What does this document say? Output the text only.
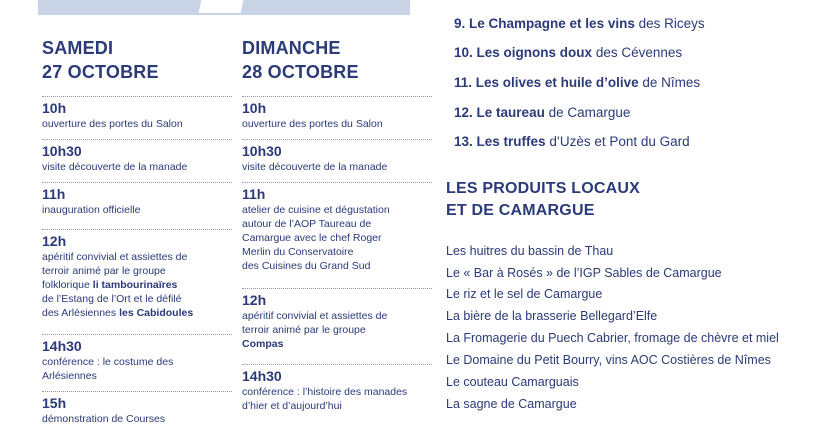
SAMEDI
27 OCTOBRE
10h
ouverture des portes du Salon
10h30
visite découverte de la manade
11h
inauguration officielle
12h
apéritif convivial et assiettes de
terroir animé par le groupe
folklorique li tambourinaïres
de l’Estang de l’Ort et le défilé
des Arlésiennes les Cabidoules
14h30
conférence : le costume des
Arlésiennes
15h
démonstration de Courses
DIMANCHE
28 OCTOBRE
10h
ouverture des portes du Salon
10h30
visite découverte de la manade
11h
atelier de cuisine et dégustation
autour de l’AOP Taureau de
Camargue avec le chef Roger
Merlin du Conservatoire
des Cuisines du Grand Sud
12h
apéritif convivial et assiettes de
terroir animé par le groupe
Compas
14h30
conférence : l’histoire des manades
d’hier et d’aujourd’hui
9. Le Champagne et les vins des Riceys
10. Les oignons doux des Cévennes
11. Les olives et huile d’olive de Nîmes
12. Le taureau de Camargue
13. Les truffes d’Uzès et Pont du Gard
LES PRODUITS LOCAUX
ET DE CAMARGUE
Les huitres du bassin de Thau
Le « Bar à Rosés » de l’IGP Sables de Camargue
Le riz et le sel de Camargue
La bière de la brasserie Bellegard’Elfe
La Fromagerie du Puech Cabrier, fromage de chèvre et miel
Le Domaine du Petit Bourry, vins AOC Costières de Nîmes
Le couteau Camarguais
La sagne de Camargue
